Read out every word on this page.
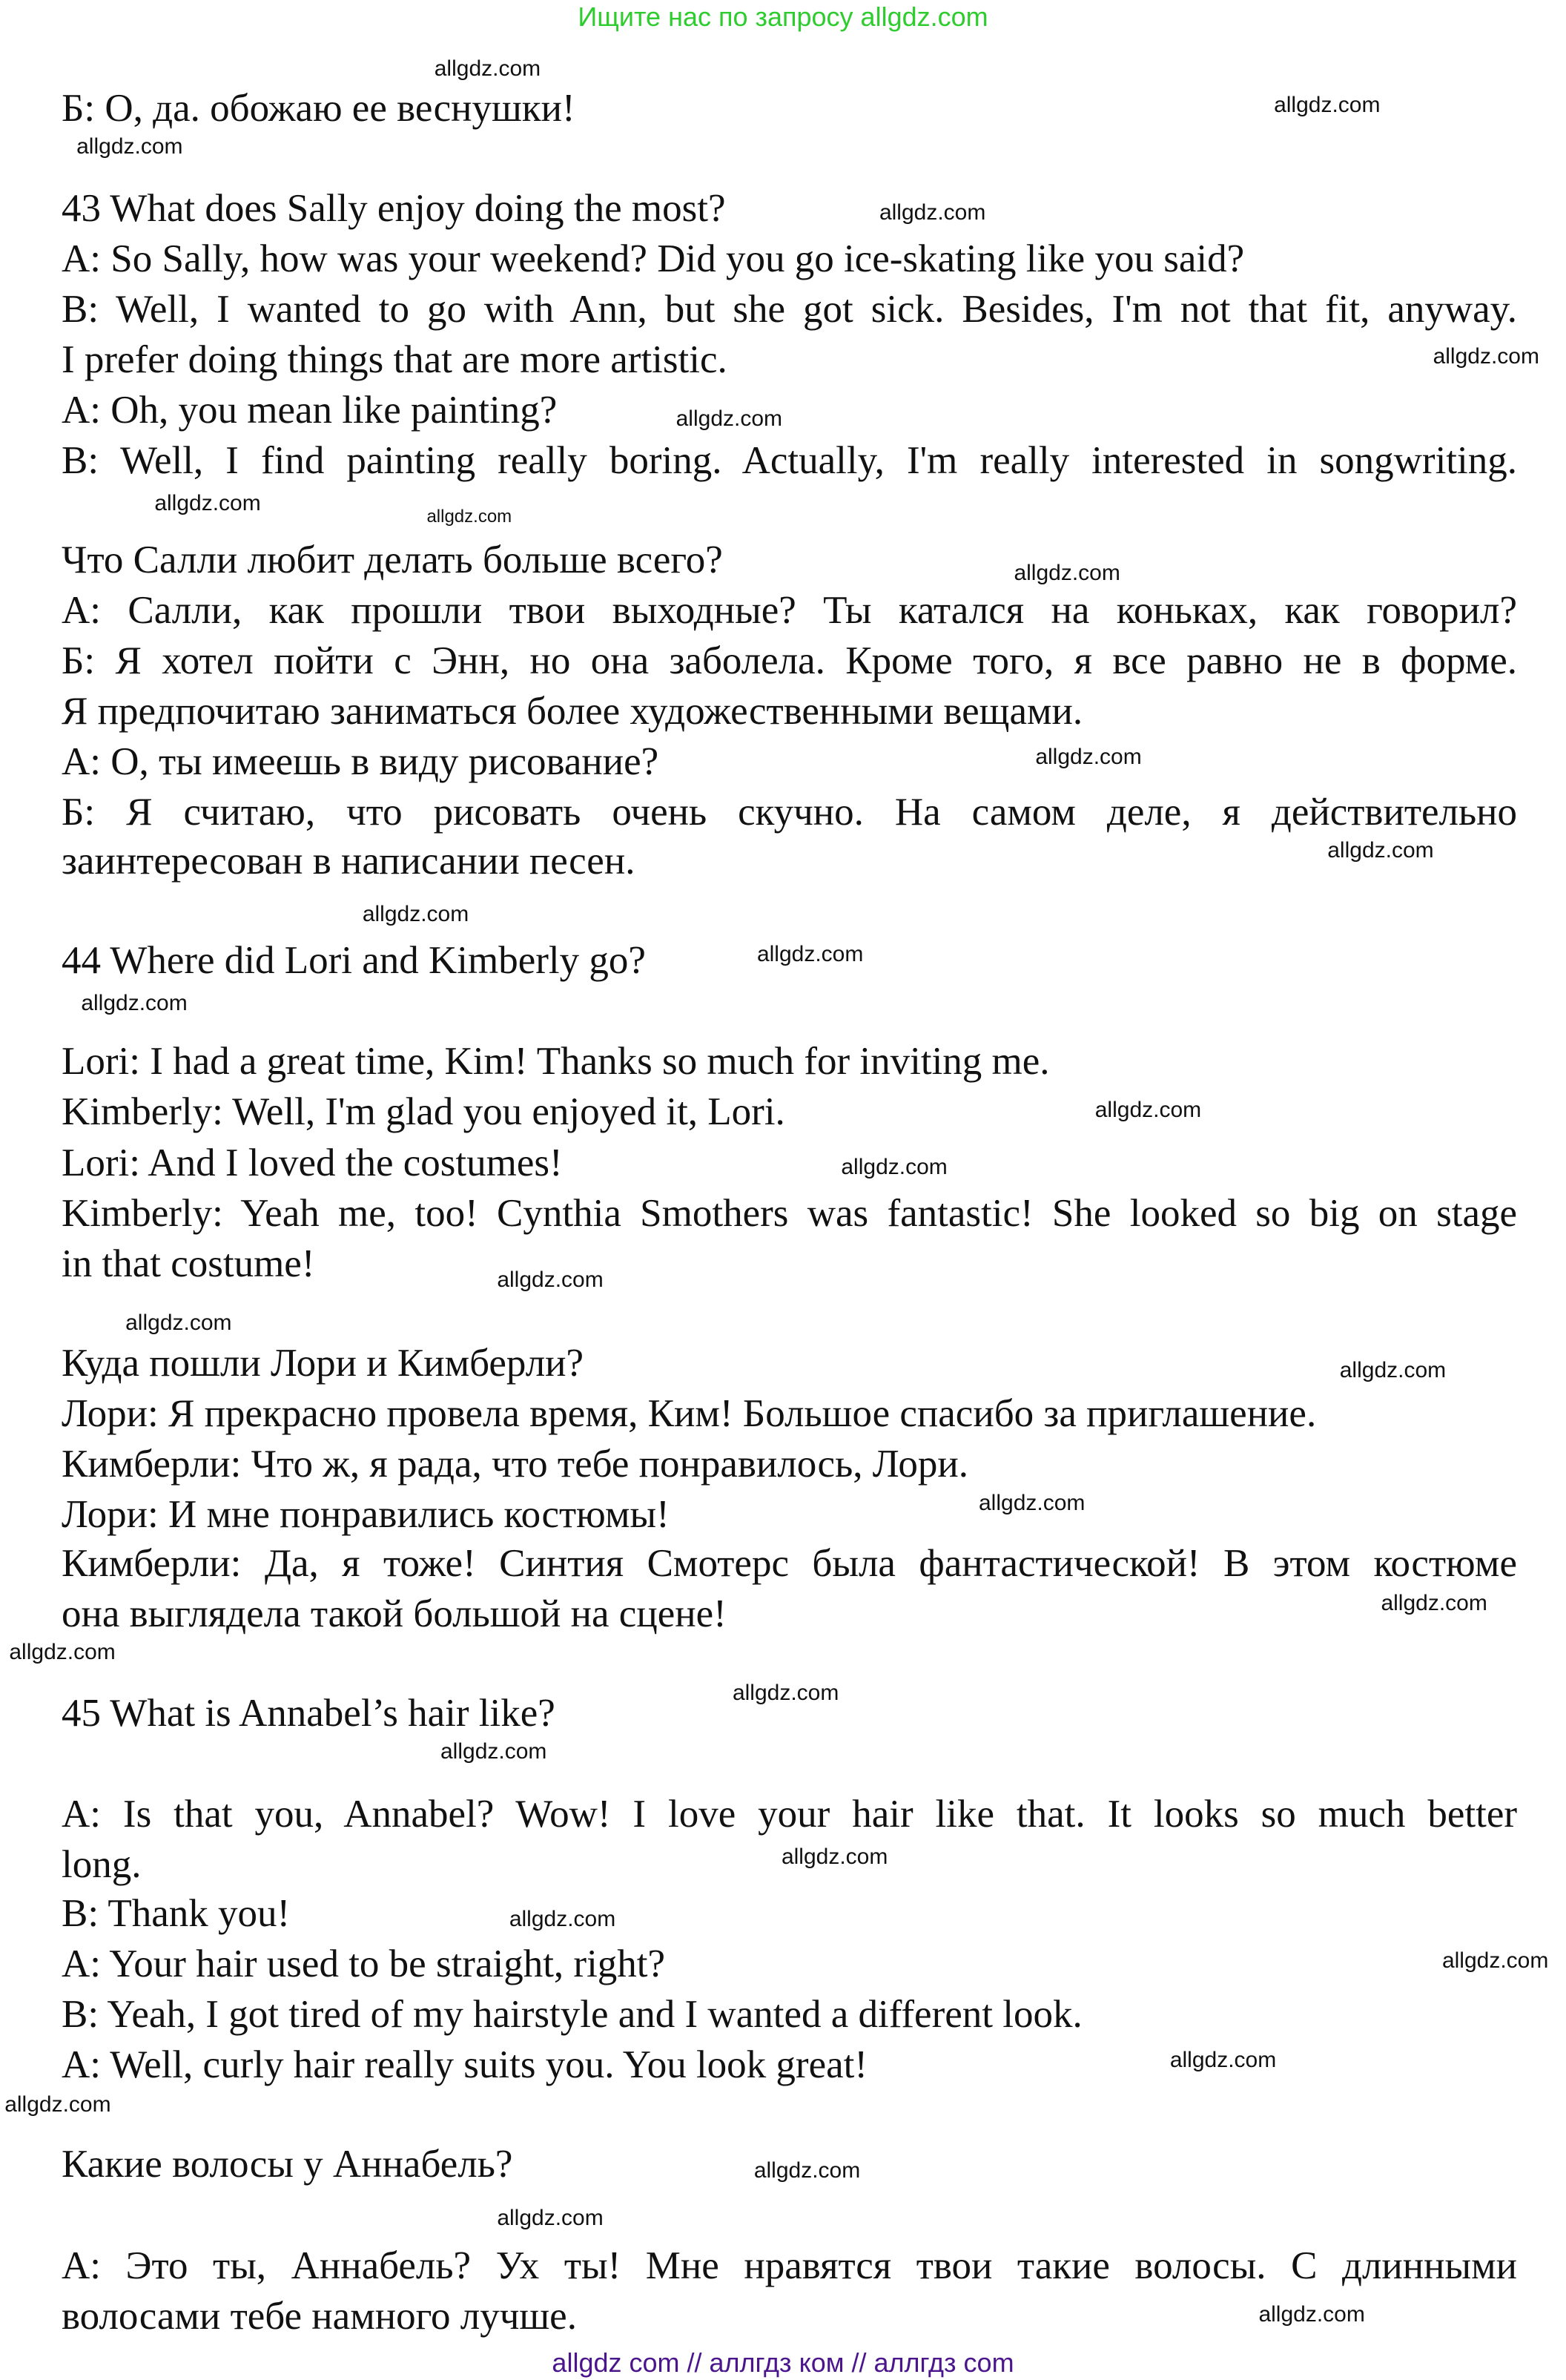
Ищите нас по запросу allgdz.com
Б: О, да. обожаю ее веснушки!
43 What does Sally enjoy doing the most?
A: So Sally, how was your weekend? Did you go ice-skating like you said?
B: Well, I wanted to go with Ann, but she got sick. Besides, I'm not that fit, anyway.
I prefer doing things that are more artistic.
A: Oh, you mean like painting?
B: Well, I find painting really boring. Actually, I'm really interested in songwriting.
Что Салли любит делать больше всего?
А: Салли, как прошли твои выходные? Ты катался на коньках, как говорил?
Б: Я хотел пойти с Энн, но она заболела. Кроме того, я все равно не в форме.
Я предпочитаю заниматься более художественными вещами.
А: О, ты имеешь в виду рисование?
Б: Я считаю, что рисовать очень скучно. На самом деле, я действительно
заинтересован в написании песен.
44 Where did Lori and Kimberly go?
Lori: I had a great time, Kim! Thanks so much for inviting me.
Kimberly: Well, I'm glad you enjoyed it, Lori.
Lori: And I loved the costumes!
Kimberly: Yeah me, too! Cynthia Smothers was fantastic! She looked so big on stage
in that costume!
Куда пошли Лори и Кимберли?
Лори: Я прекрасно провела время, Ким! Большое спасибо за приглашение.
Кимберли: Что ж, я рада, что тебе понравилось, Лори.
Лори: И мне понравились костюмы!
Кимберли: Да, я тоже! Синтия Смотерс была фантастической! В этом костюме
она выглядела такой большой на сцене!
45 What is Annabel’s hair like?
A: Is that you, Annabel? Wow! I love your hair like that. It looks so much better
long.
B: Thank you!
A: Your hair used to be straight, right?
B: Yeah, I got tired of my hairstyle and I wanted a different look.
A: Well, curly hair really suits you. You look great!
Какие волосы у Аннабель?
А: Это ты, Аннабель? Ух ты! Мне нравятся твои такие волосы. С длинными
волосами тебе намного лучше.
allgdz.com
allgdz.com
allgdz.com
allgdz.com
allgdz.com
allgdz.com
allgdz.com
allgdz.com
allgdz.com
allgdz.com
allgdz.com
allgdz.com
allgdz.com
allgdz.com
allgdz.com
allgdz.com
allgdz.com
allgdz.com
allgdz.com
allgdz.com
allgdz.com
allgdz.com
allgdz.com
allgdz.com
allgdz.com
allgdz.com
allgdz.com
allgdz.com
allgdz.com
allgdz.com
allgdz.com
allgdz.com
allgdz com // аллгдз ком // аллгдз com
